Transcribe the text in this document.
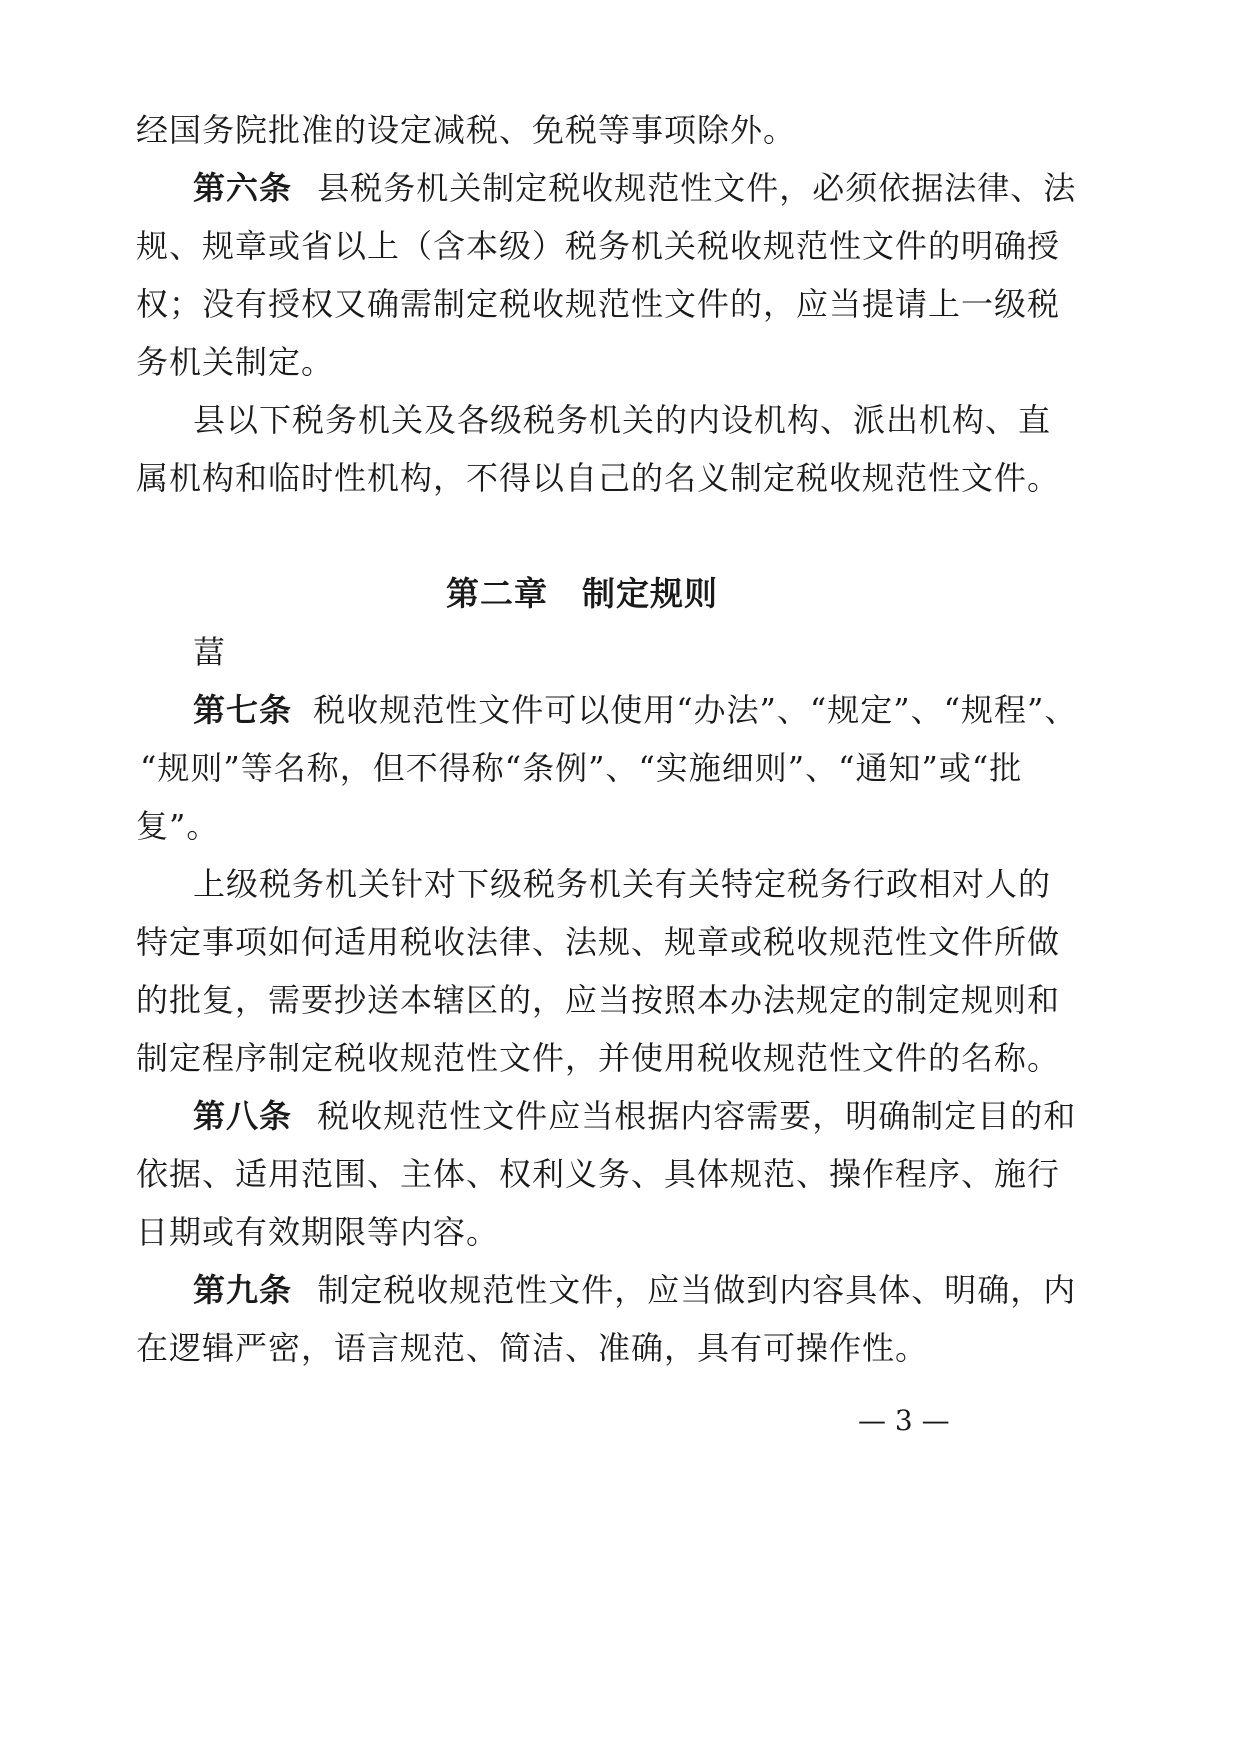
经国务院批准的设定减税、免税等事项除外。
第六条 县税务机关制定税收规范性文件，必须依据法律、法
规、规章或省以上（含本级）税务机关税收规范性文件的明确授
权；没有授权又确需制定税收规范性文件的，应当提请上一级税
务机关制定。
县以下税务机关及各级税务机关的内设机构、派出机构、直
属机构和临时性机构，不得以自己的名义制定税收规范性文件。
第二章　制定规则
葍
第七条 税收规范性文件可以使用“办法”、“规定”、“规程”、
“规则”等名称，但不得称“条例”、“实施细则”、“通知”或“批
复”。
上级税务机关针对下级税务机关有关特定税务行政相对人的
特定事项如何适用税收法律、法规、规章或税收规范性文件所做
的批复，需要抄送本辖区的，应当按照本办法规定的制定规则和
制定程序制定税收规范性文件，并使用税收规范性文件的名称。
第八条 税收规范性文件应当根据内容需要，明确制定目的和
依据、适用范围、主体、权利义务、具体规范、操作程序、施行
日期或有效期限等内容。
第九条 制定税收规范性文件，应当做到内容具体、明确，内
在逻辑严密，语言规范、简洁、准确，具有可操作性。
— 3 —
